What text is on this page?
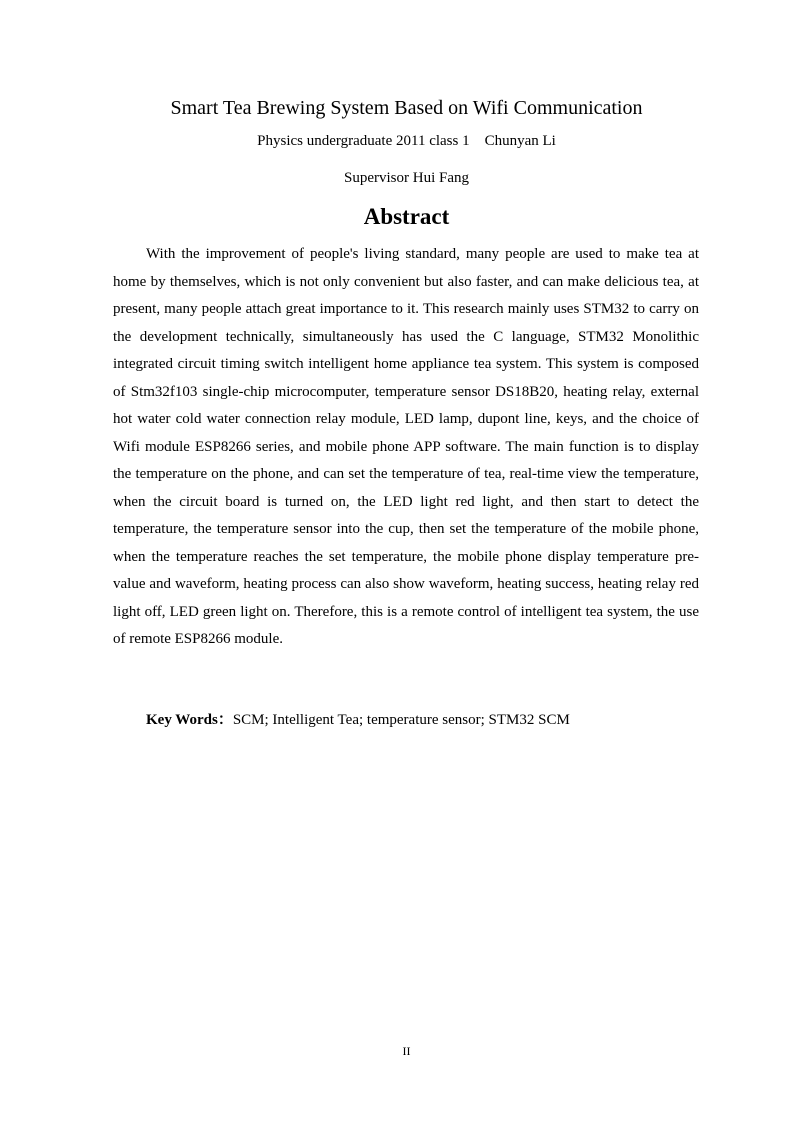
Smart Tea Brewing System Based on Wifi Communication
Physics undergraduate 2011 class 1    Chunyan Li
Supervisor Hui Fang
Abstract

With the improvement of people's living standard, many people are used to make tea at home by themselves, which is not only convenient but also faster, and can make delicious tea, at present, many people attach great importance to it. This research mainly uses STM32 to carry on the development technically, simultaneously has used the C language, STM32 Monolithic integrated circuit timing switch intelligent home appliance tea system. This system is composed of Stm32f103 single-chip microcomputer, temperature sensor DS18B20, heating relay, external hot water cold water connection relay module, LED lamp, dupont line, keys, and the choice of Wifi module ESP8266 series, and mobile phone APP software. The main function is to display the temperature on the phone, and can set the temperature of tea, real-time view the temperature, when the circuit board is turned on, the LED light red light, and then start to detect the temperature, the temperature sensor into the cup, then set the temperature of the mobile phone, when the temperature reaches the set temperature, the mobile phone display temperature pre-value and waveform, heating process can also show waveform, heating success, heating relay red light off, LED green light on. Therefore, this is a remote control of intelligent tea system, the use of remote ESP8266 module.

Key Words：SCM; Intelligent Tea; temperature sensor; STM32 SCM
II
